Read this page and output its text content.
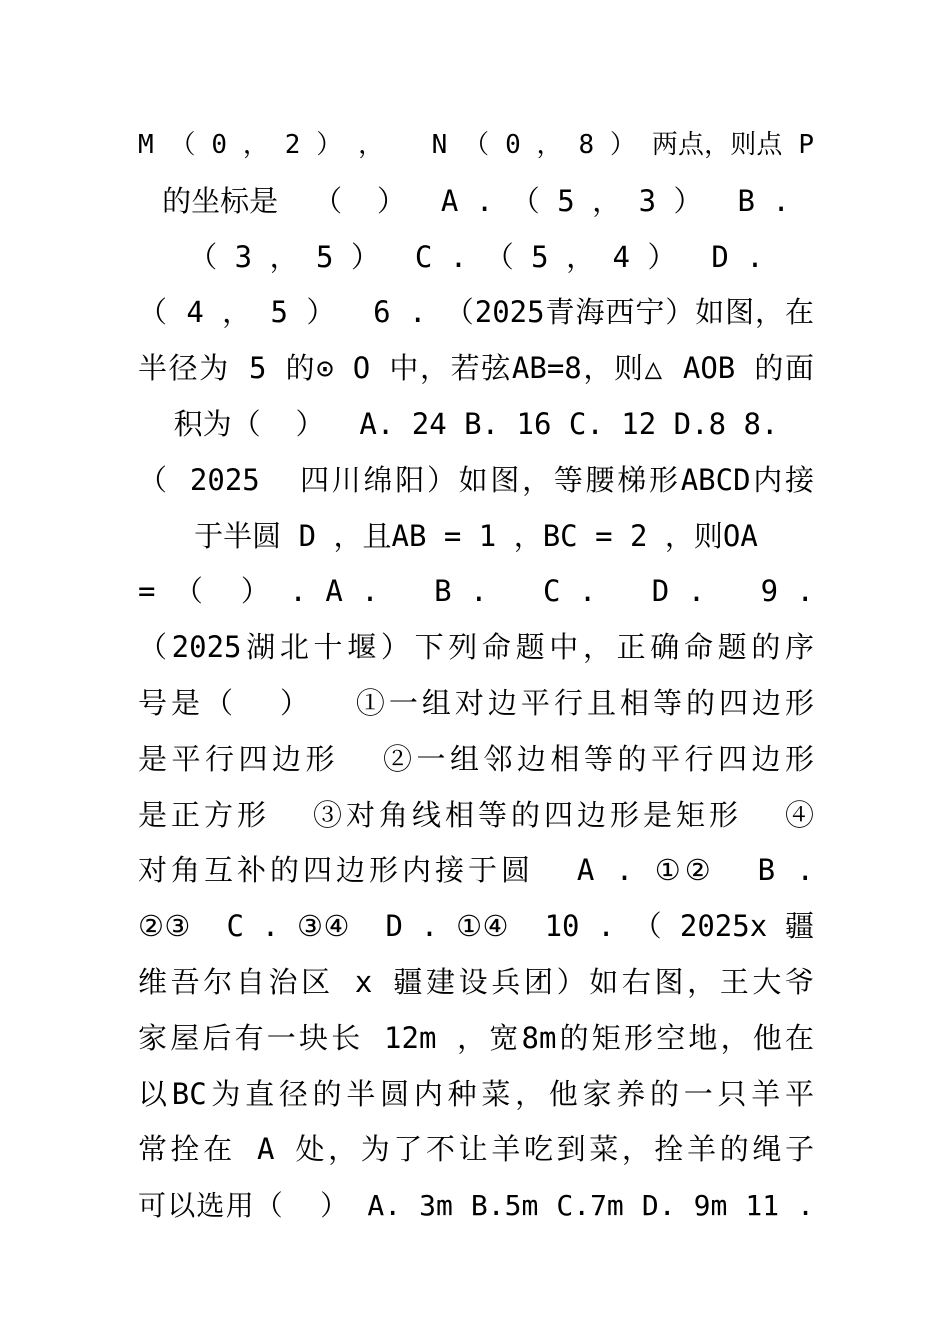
M （ 0 ， 2 ） ，   N （ 0 ， 8 ） 两点，则点 P
的坐标是  （  ）  A . （ 5 ， 3 ）  B .
（ 3 ， 5 ）  C . （ 5 ， 4 ）  D .
（ 4 ， 5 ）  6 . （2025青海西宁）如图，在
半径为 5 的⊙ O 中，若弦AB=8，则△ AOB 的面
积为（  ）  A. 24 B. 16 C. 12 D.8 8.
（ 2025  四川绵阳）如图，等腰梯形ABCD内接
于半圆 D ，且AB = 1 ，BC = 2 ，则OA
= （  ） . A .   B .   C .   D .   9 .
（2025湖北十堰）下列命题中，正确命题的序
号是（  ）  ①一组对边平行且相等的四边形
是平行四边形  ②一组邻边相等的平行四边形
是正方形  ③对角线相等的四边形是矩形  ④
对角互补的四边形内接于圆  A . ①②  B .
②③  C . ③④  D . ①④  10 . （ 2025x 疆
维吾尔自治区 x 疆建设兵团）如右图，王大爷
家屋后有一块长 12m ，宽8m的矩形空地，他在
以BC为直径的半圆内种菜，他家养的一只羊平
常拴在 A 处，为了不让羊吃到菜，拴羊的绳子
可以选用（  ） A. 3m B.5m C.7m D. 9m 11 .
